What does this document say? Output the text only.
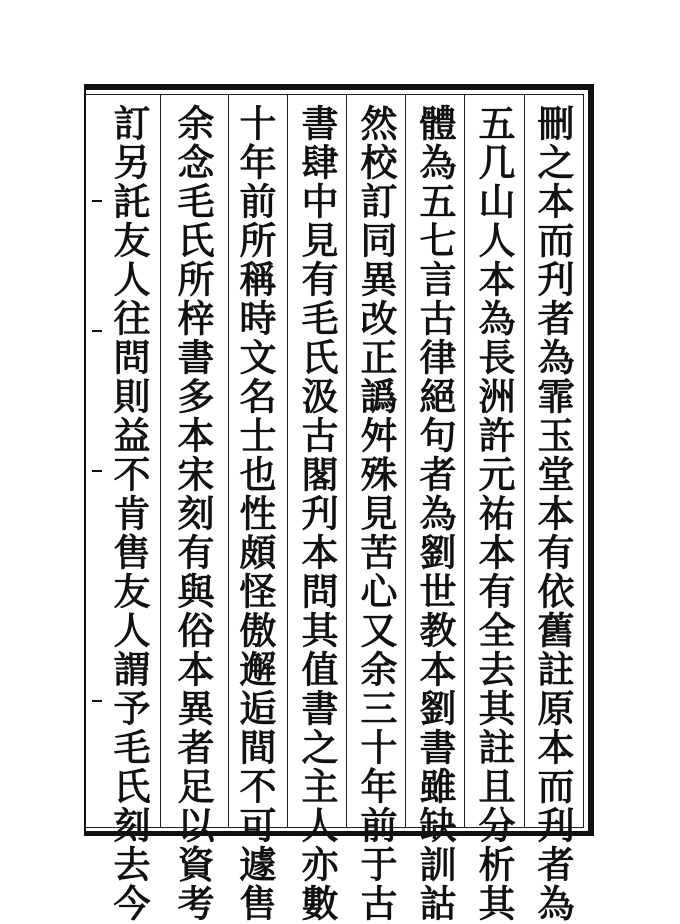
刪之本而刋者為霏玉堂本有依舊註原本而刋者為
五几山人本為長洲許元祐本有全去其註且分析其
體為五七言古律絕句者為劉世教本劉書雖缺訓詁
然校訂同異改正譌舛殊見苦心又余三十年前于古
書肆中見有毛氏汲古閣刋本問其值書之主人亦數
十年前所稱時文名士也性頗怪傲邂逅間不可遽售
余念毛氏所梓書多本宋刻有與俗本異者足以資考
訂另託友人往問則益不肯售友人謂予毛氏刻去今
